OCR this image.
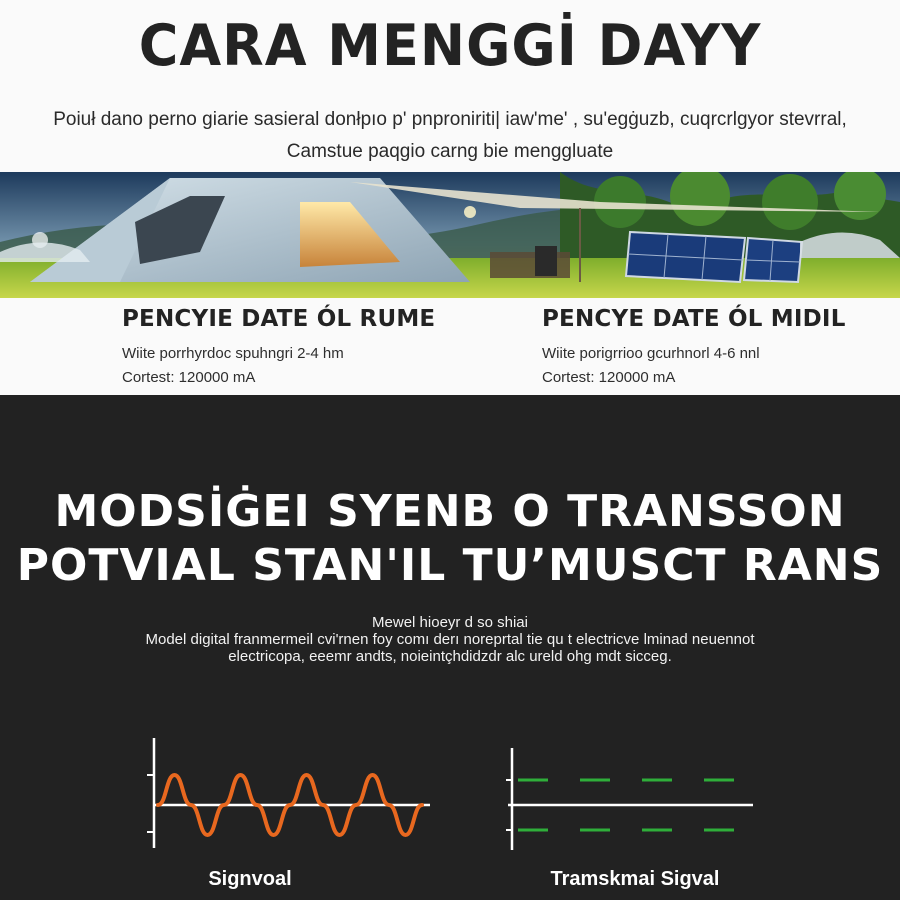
CARA MENGGİ DAYY
Poiuł dano perno giarie sasieral donłpıo p' pnproniriti| iaw'me' , su'egġuzb, cuqrcrlgyor stevrral,
Camstue paqgio carng bie menggluate
PENCYIE DATE ÓL RUME
Wiite porrhyrdoc spuhngri 2-4 hm
Cortest: 120000 mA
PENCYE DATE ÓL MIDIL
Wiite porigrrioo gcurhnorl 4-6 nnl
Cortest: 120000 mA
MODSİĠEI SYENB O TRANSSON
POTVIAL STAN'IL TU’MUSCT RANS
Mewel hioeyr d so shiai
Model digital franmermeil cvi'rnen foy comı derı noreprtal tie qu t electricve lminad neuennot
electricopa, eeemr andts, noieintçhdidzdr alc ureld ohg mdt sicceg.
Signvoal	Tramskmai Sigval
